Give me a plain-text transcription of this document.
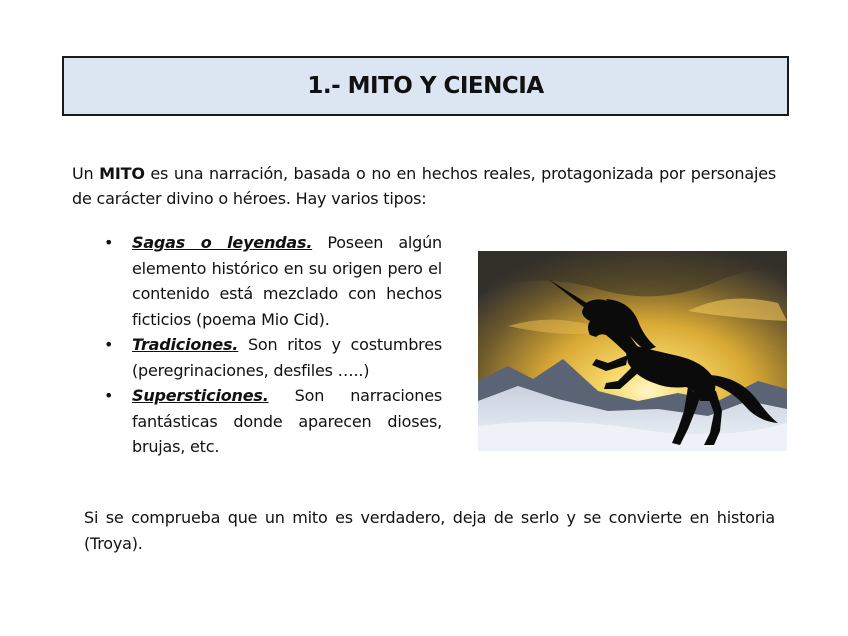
1.- MITO Y CIENCIA

Un MITO es una narración, basada o no en hechos reales, protagonizada por personajes de carácter divino o héroes. Hay varios tipos:

• Sagas o leyendas. Poseen algún elemento histórico en su origen pero el contenido está mezclado con hechos ficticios (poema Mio Cid).
• Tradiciones. Son ritos y costumbres (peregrinaciones, desfiles …..)
• Supersticiones. Son narraciones fantásticas donde aparecen dioses, brujas, etc.

Si se comprueba que un mito es verdadero, deja de serlo y se convierte en historia (Troya).
